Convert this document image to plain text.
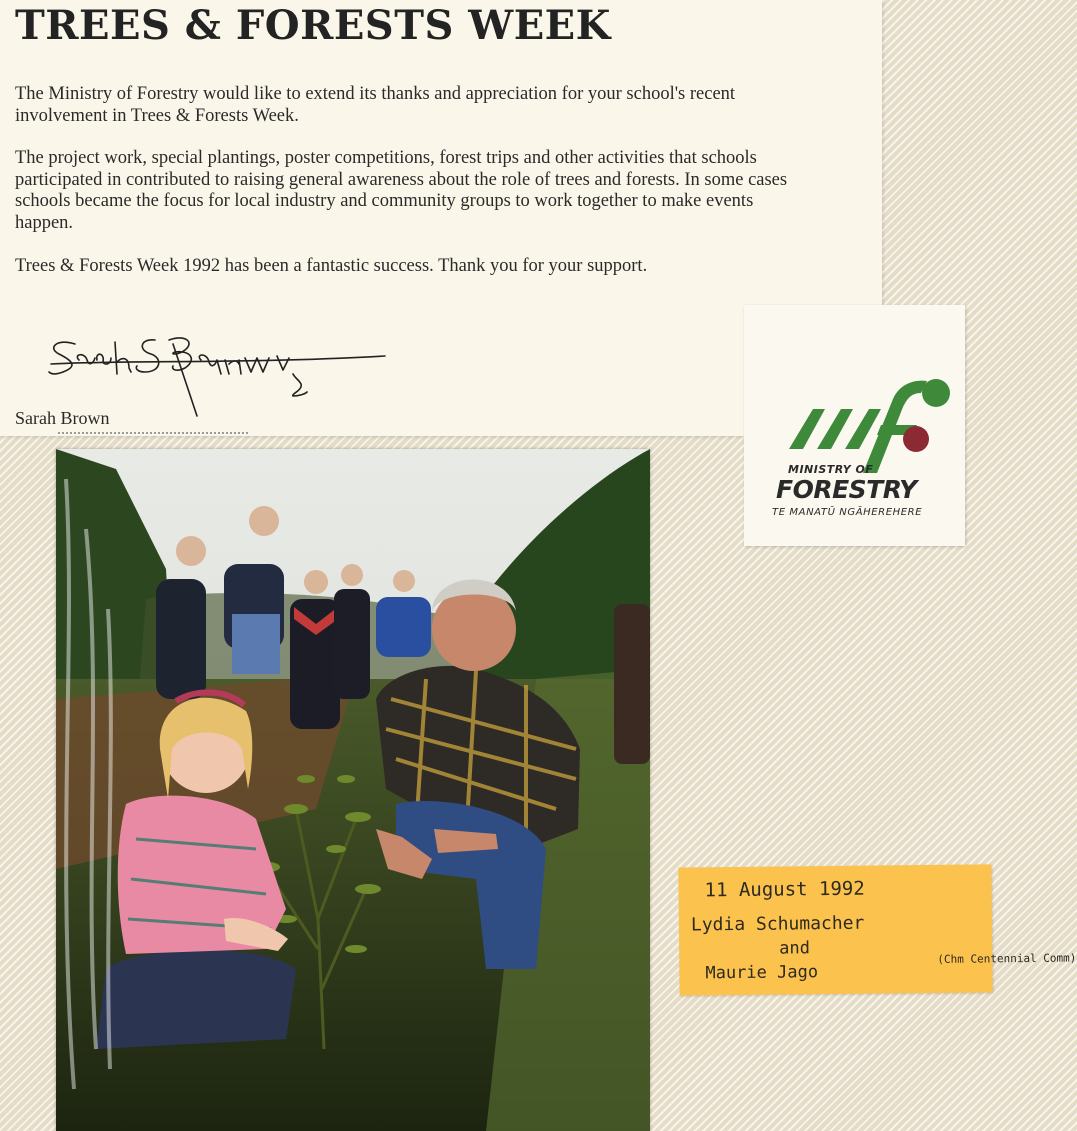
TREES & FORESTS WEEK

The Ministry of Forestry would like to extend its thanks and appreciation for your school's recent involvement in Trees & Forests Week.

The project work, special plantings, poster competitions, forest trips and other activities that schools participated in contributed to raising general awareness about the role of trees and forests. In some cases schools became the focus for local industry and community groups to work together to make events happen.

Trees & Forests Week 1992 has been a fantastic success. Thank you for your support.

Sarah Brown

MINISTRY OF

FORESTRY

TE MANATŪ NGĀHEREHERE

11 August 1992

Lydia Schumacher

and

Maurie Jago

(Chm Centennial Comm)
